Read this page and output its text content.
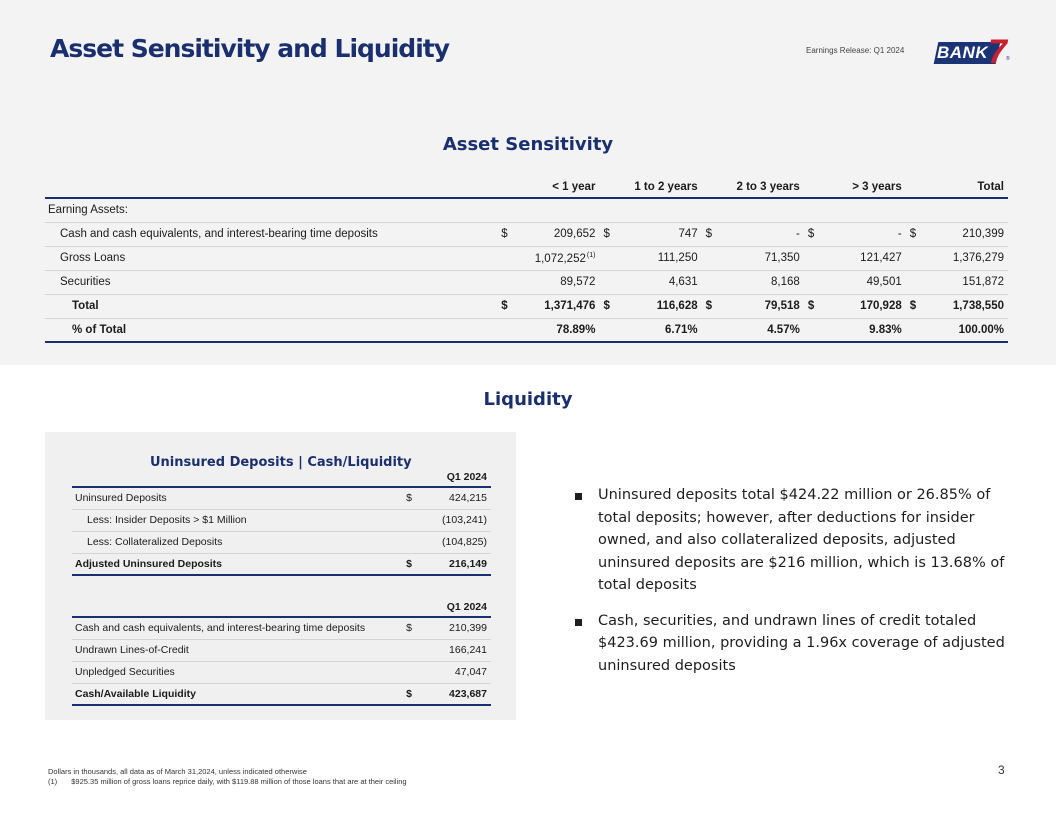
Asset Sensitivity and Liquidity	Earnings Release: Q1 2024 BANK 7 ®
Asset Sensitivity
	< 1 year		1 to 2 years		2 to 3 years		> 3 years		Total	
Earning Assets:										
Cash and cash equivalents, and interest-bearing time deposits	$	209,652	$	747	$	-	$	-	$	210,399
Gross Loans	1,072,252$^{(1)}$		111,250		71,350		121,427		1,376,279	
Securities	89,572		4,631		8,168		49,501		151,872	
Total	$	1,371,476	$	116,628	$	79,518	$	170,928	$	1,738,550
% of Total	78.89%		6.71%		4.57%		9.83%		100.00%	
Liquidity
Uninsured Deposits | Cash/Liquidity
	Q1 2024	
Uninsured Deposits	$	424,215
Less: Insider Deposits > $1 Million		(103,241)
Less: Collateralized Deposits		(104,825)
Adjusted Uninsured Deposits	$	216,149
	Q1 2024	
Cash and cash equivalents, and interest-bearing time deposits	$	210,399
Undrawn Lines-of-Credit		166,241
Unpledged Securities		47,047
Cash/Available Liquidity	$	423,687
Uninsured deposits total $424.22 million or 26.85% of total deposits; however, after deductions for insider owned, and also collateralized deposits, adjusted uninsured deposits are $216 million, which is 13.68% of total deposits
Cash, securities, and undrawn lines of credit totaled $423.69 million, providing a 1.96x coverage of adjusted uninsured deposits
Dollars in thousands, all data as of March 31,2024, unless indicated otherwise
(1) $925.35 million of gross loans reprice daily, with $119.88 million of those loans that are at their ceiling
3
